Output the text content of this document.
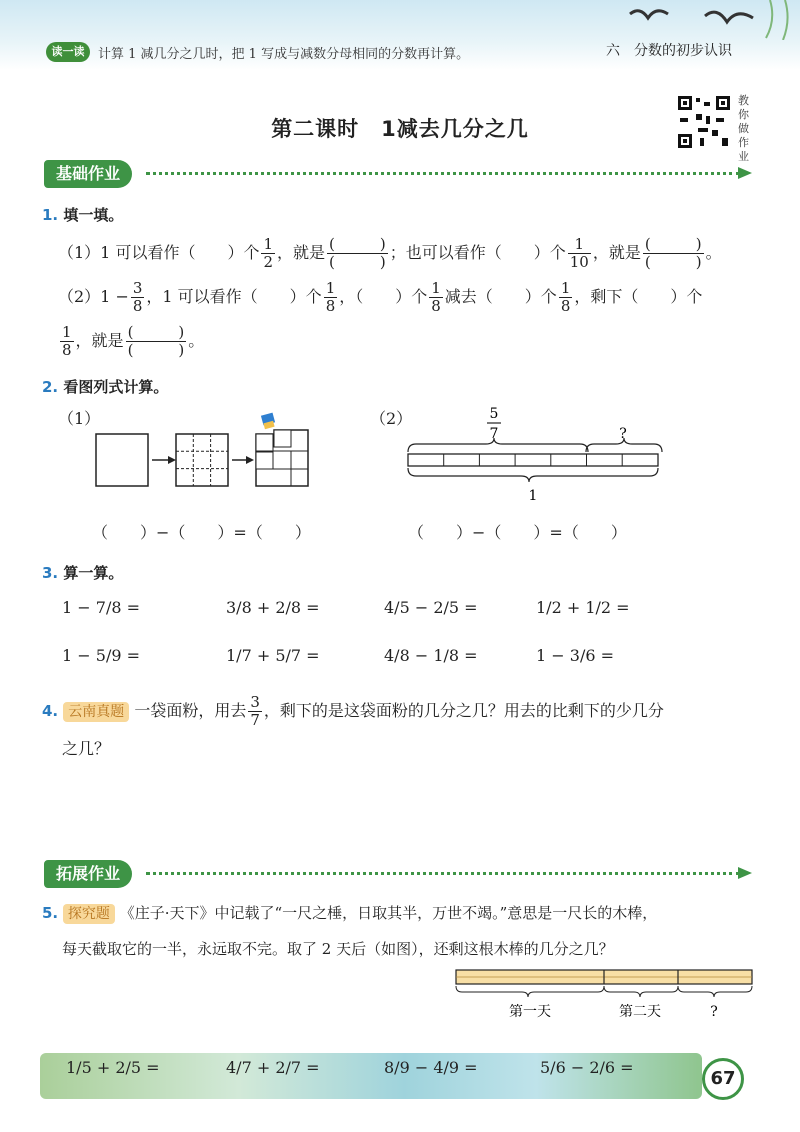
读一读	计算 1 减几分之几时，把 1 写成与减数分母相同的分数再计算。	六　分数的初步认识
第二课时　1减去几分之几
教你做作业
基础作业
1. 填一填。
（1）1 可以看作（　　）个 $\frac{1}{2}$ ，就是 $\frac{( )}{( )}$ ；也可以看作（　　）个 $\frac{1}{10}$ ，就是 $\frac{( )}{( )}$ 。
$(2)1 - \frac{3}{8}$ ，1 可以看作（　　）个 $\frac{1}{8}$ ，（　　）个 $\frac{1}{8}$ 减去（　　）个 $\frac{1}{8}$ ，剩下（　　）个
$\frac{1}{8}$ ，就是 $\frac{( )}{( )}$ 。
2. 看图列式计算。
（1）	（2）	5
7	?
1
（　　）−（　　）=（　　）	（　　）−（　　）=（　　）
3. 算一算。
1 − 7/8 =	3/8 + 2/8 =	4/5 − 2/5 =	1/2 + 1/2 =
1 − 5/9 =	1/7 + 5/7 =	4/8 − 1/8 =	1 − 3/6 =
4. 云南真题 一袋面粉，用去 $\frac{3}{7}$ ，剩下的是这袋面粉的几分之几？用去的比剩下的少几分
之几？
拓展作业
5. 探究题 《庄子·天下》中记载了“一尺之棰，日取其半，万世不竭。”意思是一尺长的木棒，
每天截取它的一半，永远取不完。取了 2 天后（如图），还剩这根木棒的几分之几？
第一天	第二天	?
1/5 + 2/5 =	4/7 + 2/7 =	8/9 − 4/9 =	5/6 − 2/6 =
67
